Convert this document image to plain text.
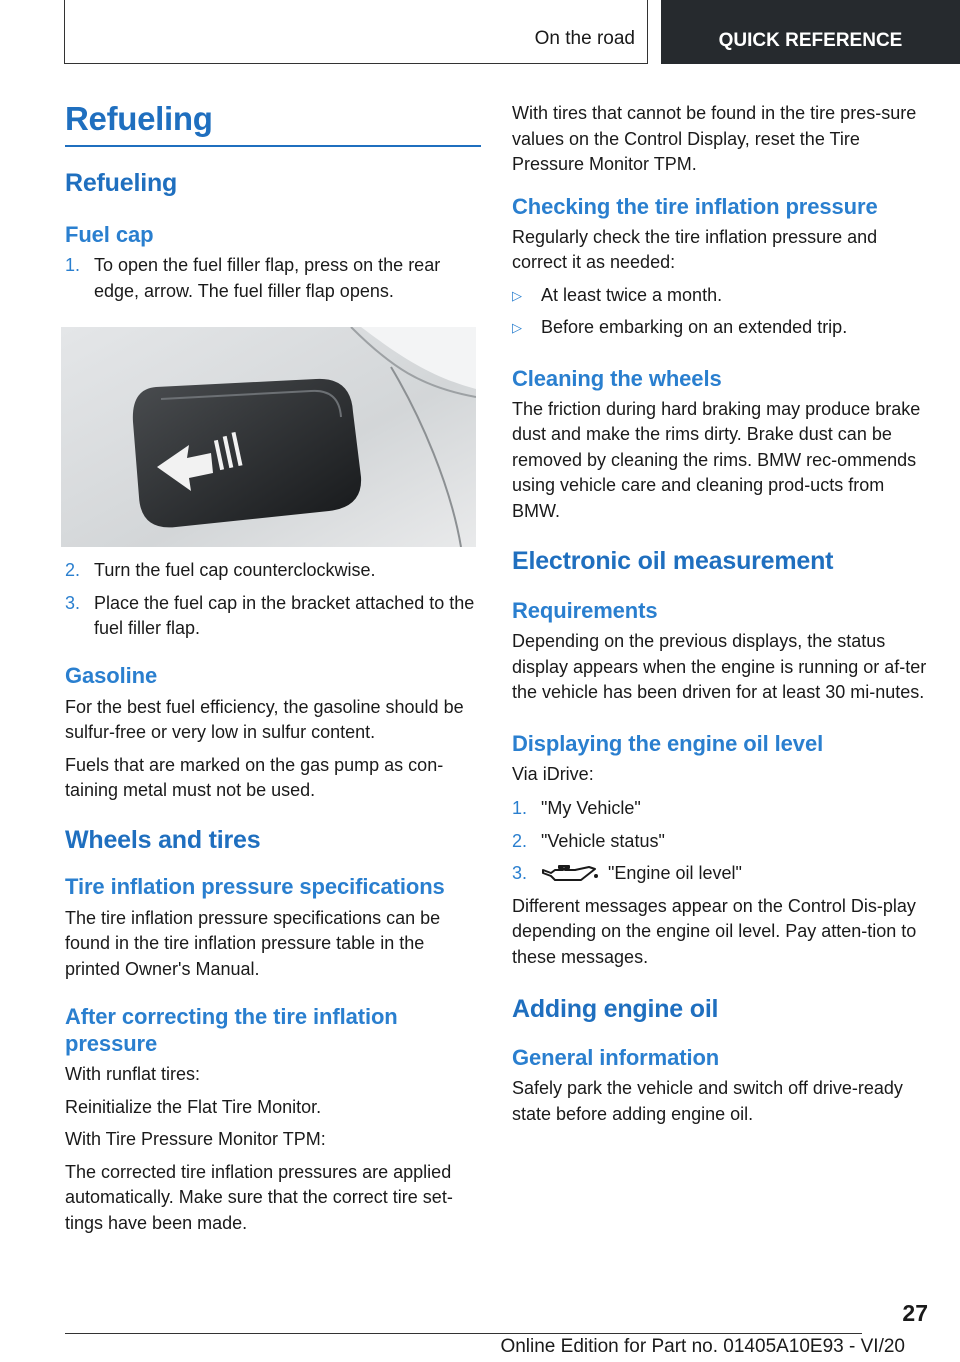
On the road	QUICK REFERENCE
Refueling
Refueling
Fuel cap
1. To open the fuel filler flap, press on the rear edge, arrow. The fuel filler flap opens.
2. Turn the fuel cap counterclockwise.
3. Place the fuel cap in the bracket attached to the fuel filler flap.
Gasoline

For the best fuel efficiency, the gasoline should be sulfur-free or very low in sulfur content.

Fuels that are marked on the gas pump as con‐taining metal must not be used.

Wheels and tires
Tire inflation pressure specifications

The tire inflation pressure specifications can be found in the tire inflation pressure table in the printed Owner's Manual.

After correcting the tire inflation pressure

With runflat tires:

Reinitialize the Flat Tire Monitor.

With Tire Pressure Monitor TPM:

The corrected tire inflation pressures are applied automatically. Make sure that the correct tire set‐tings have been made.

With tires that cannot be found in the tire pres‐sure values on the Control Display, reset the Tire Pressure Monitor TPM.

Checking the tire inflation pressure

Regularly check the tire inflation pressure and correct it as needed:

▷ At least twice a month.
▷ Before embarking on an extended trip.
Cleaning the wheels

The friction during hard braking may produce brake dust and make the rims dirty. Brake dust can be removed by cleaning the rims. BMW rec‐ommends using vehicle care and cleaning prod‐ucts from BMW.

Electronic oil measurement
Requirements

Depending on the previous displays, the status display appears when the engine is running or af‐ter the vehicle has been driven for at least 30 mi‐nutes.

Displaying the engine oil level

Via iDrive:

1. "My Vehicle"
2. "Vehicle status"
3.	"Engine oil level"

Different messages appear on the Control Dis‐play depending on the engine oil level. Pay atten‐tion to these messages.

Adding engine oil
General information

Safely park the vehicle and switch off drive-ready state before adding engine oil.

27
Online Edition for Part no. 01405A10E93 - VI/20
